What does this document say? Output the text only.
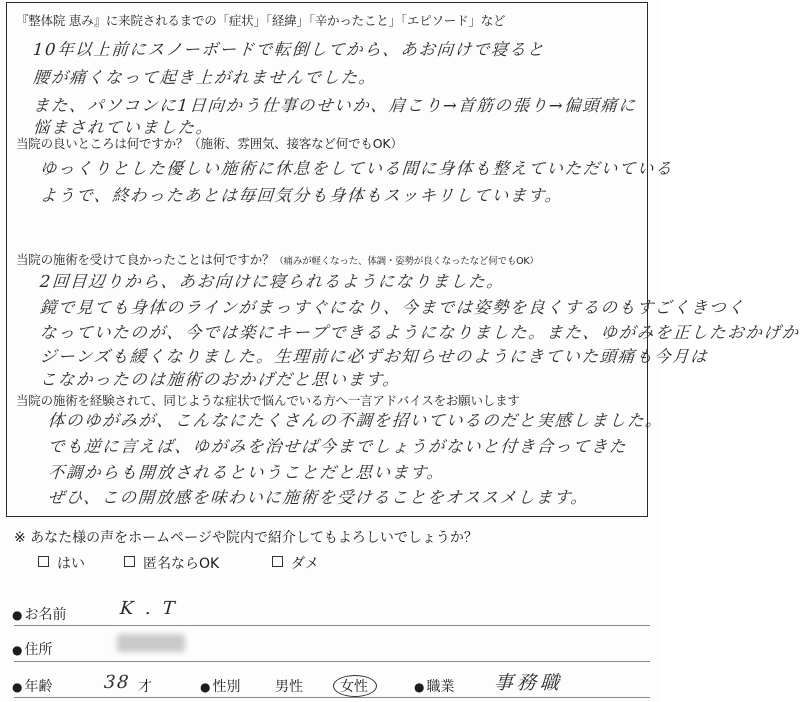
『整体院 恵み』に来院されるまでの「症状」「経緯」「辛かったこと」「エピソード」など
10年以上前にスノーボードで転倒してから、あお向けで寝ると
腰が痛くなって起き上がれませんでした。
また、パソコンに1日向かう仕事のせいか、肩こり→首筋の張り→偏頭痛に
悩まされていました。
当院の良いところは何ですか？（施術、雰囲気、接客など何でもOK）
ゆっくりとした優しい施術に休息をしている間に身体も整えていただいている
ようで、終わったあとは毎回気分も身体もスッキリしています。
当院の施術を受けて良かったことは何ですか？（痛みが軽くなった、体調・姿勢が良くなったなど何でもOK）
2回目辺りから、あお向けに寝られるようになりました。
鏡で見ても身体のラインがまっすぐになり、今までは姿勢を良くするのもすごくきつく
なっていたのが、今では楽にキープできるようになりました。また、ゆがみを正したおかげか
ジーンズも緩くなりました。生理前に必ずお知らせのようにきていた頭痛も今月は
こなかったのは施術のおかげだと思います。
当院の施術を経験されて、同じような症状で悩んでいる方へ一言アドバイスをお願いします
体のゆがみが、こんなにたくさんの不調を招いているのだと実感しました。
でも逆に言えば、ゆがみを治せば今までしょうがないと付き合ってきた
不調からも開放されるということだと思います。
ぜひ、この開放感を味わいに施術を受けることをオススメします。
※ あなた様の声をホームページや院内で紹介してもよろしいでしょうか？
はい	匿名ならOK	ダメ
● お名前	K . T
● 住所
● 年齢	38 才	● 性別 男性	女性	● 職業 事務職
